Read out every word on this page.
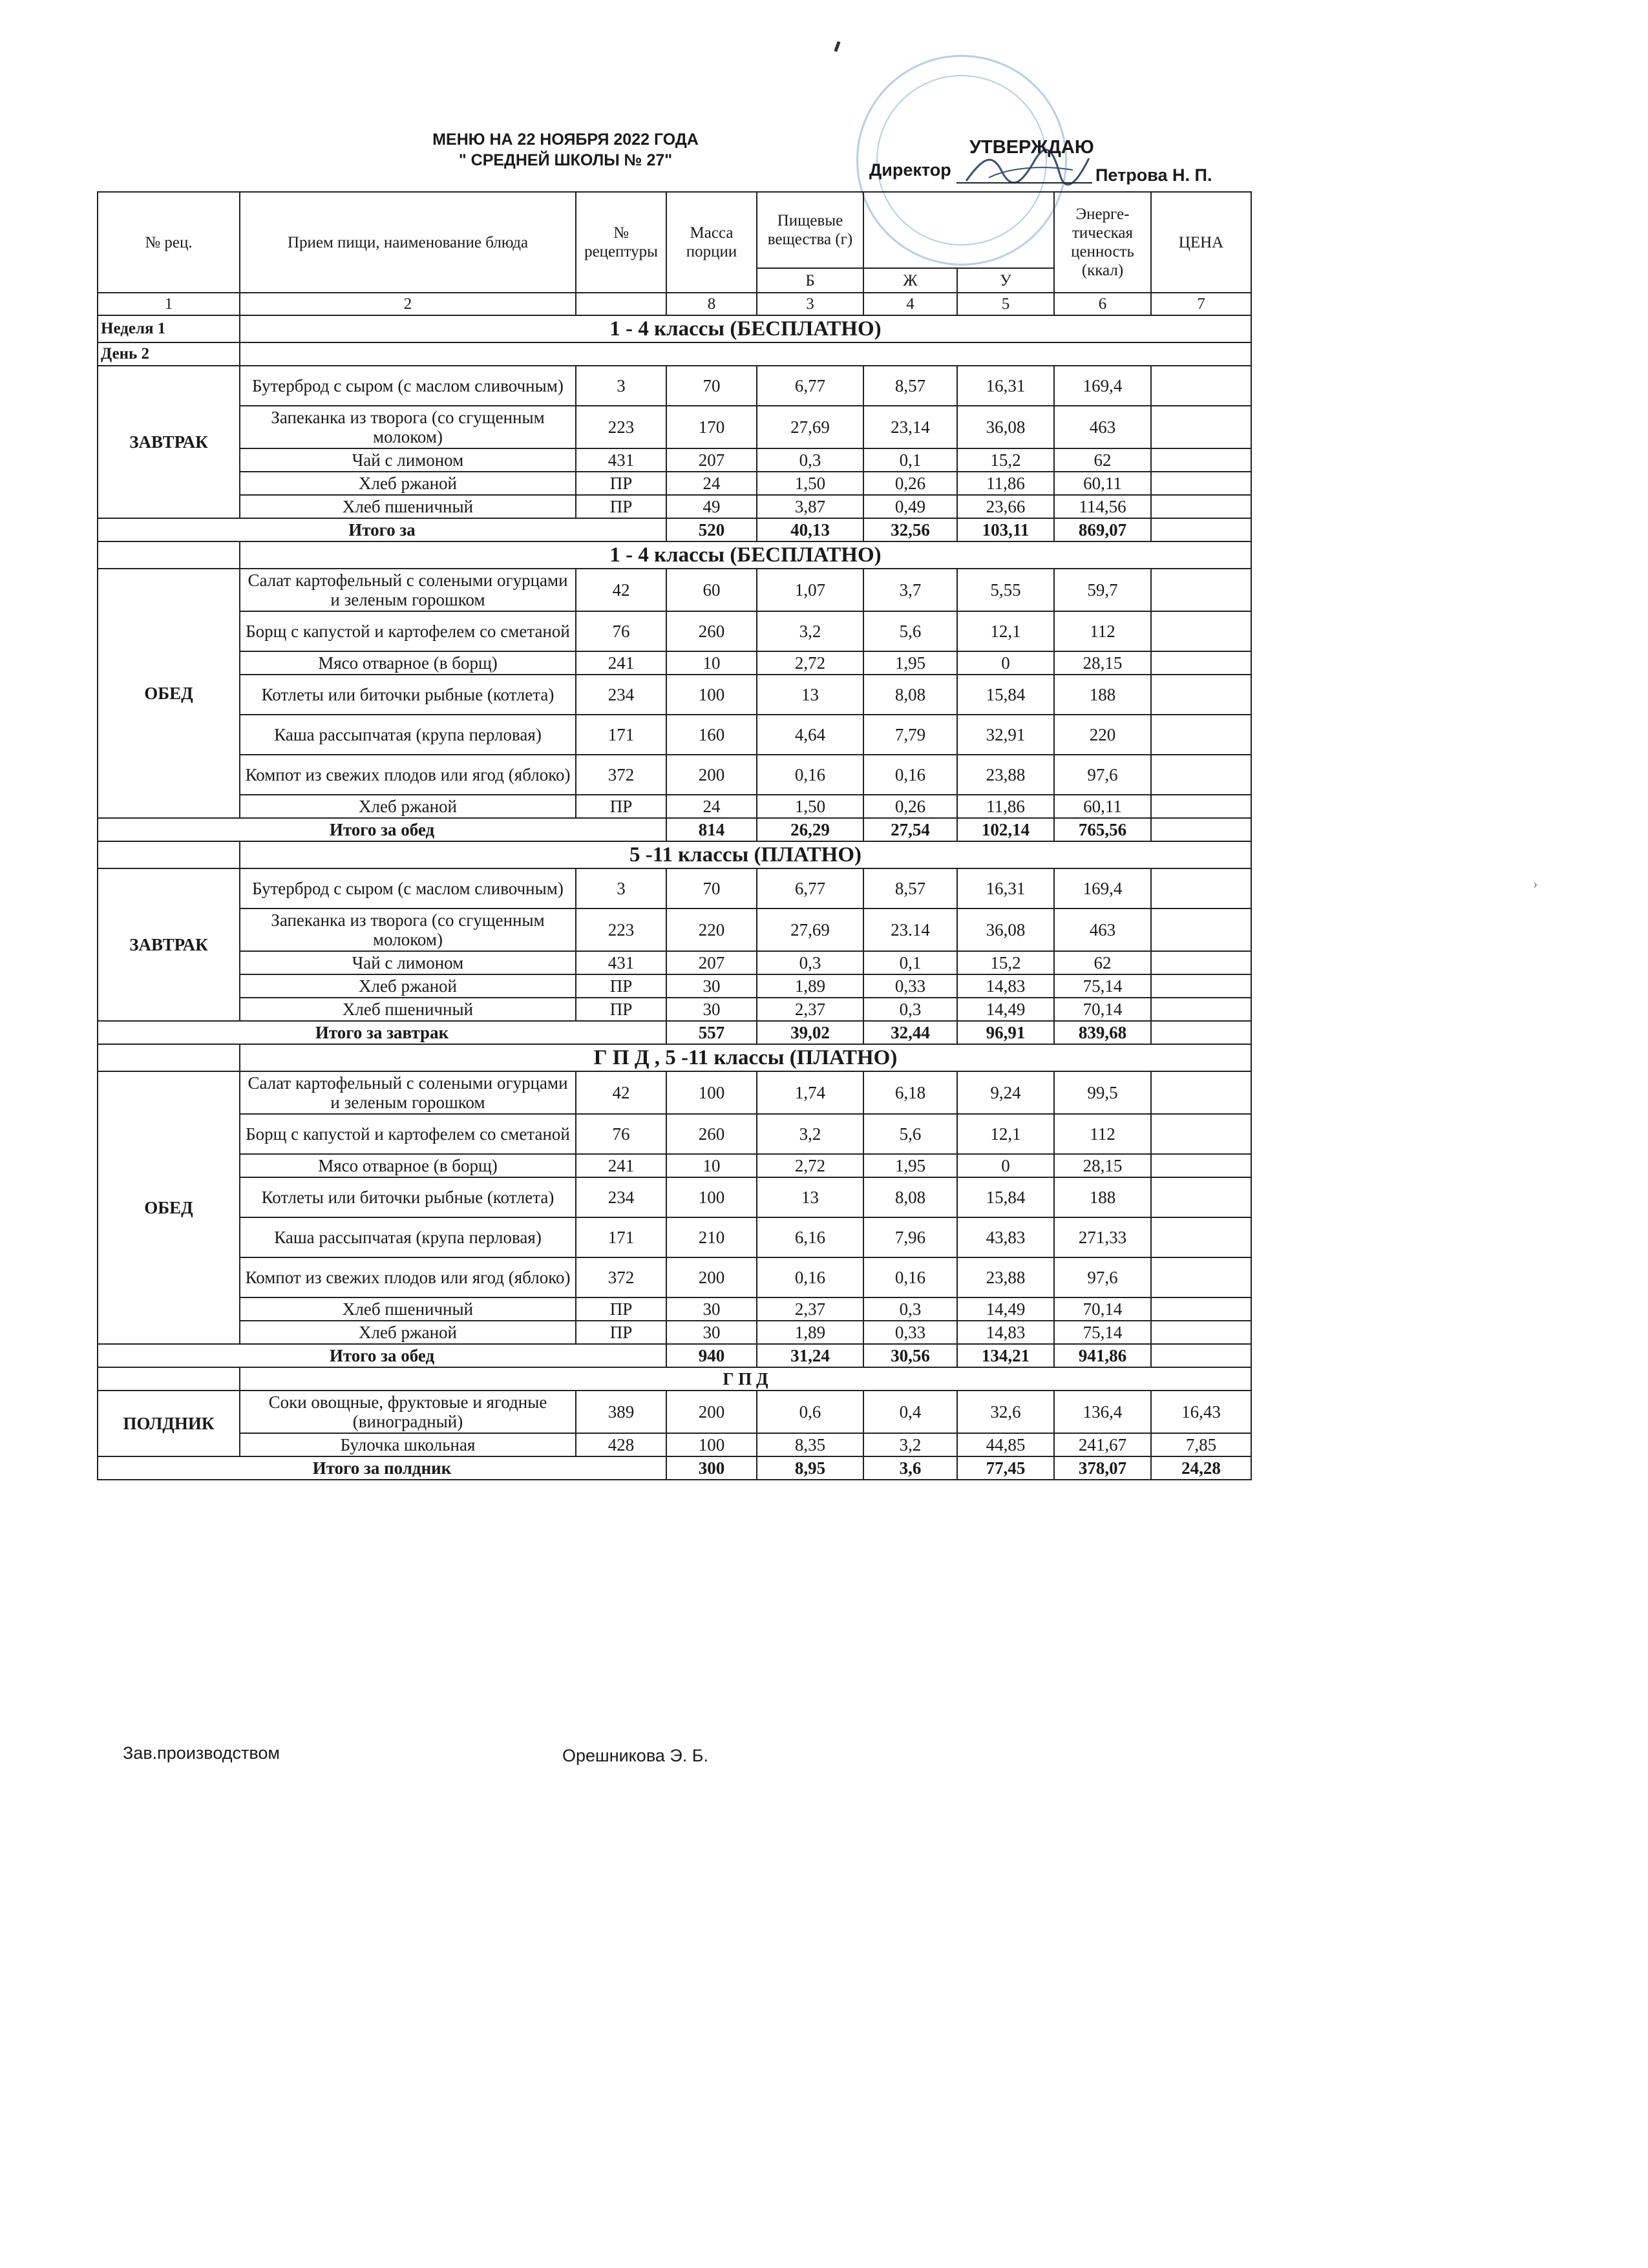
МЕНЮ НА 22 НОЯБРЯ 2022 ГОДА
" СРЕДНЕЙ ШКОЛЫ № 27"
УТВЕРЖДАЮ
Директор	Петрова Н. П.
№ рец.	Прием пищи, наименование блюда	№ рецептуры	Масса порции	Пищевые вещества (г)			Энерге-тическая ценность (ккал)	ЦЕНА
				Б	Ж	У		
1	2		8	3	4	5	6	7
Неделя 1	1 - 4 классы (БЕСПЛАТНО)							
День 2								
ЗАВТРАК	Бутерброд с сыром (с маслом сливочным)	3	70	6,77	8,57	16,31	169,4	
	Запеканка из творога (со сгущенным молоком)	223	170	27,69	23,14	36,08	463	
	Чай с лимоном	431	207	0,3	0,1	15,2	62	
	Хлеб ржаной	ПР	24	1,50	0,26	11,86	60,11	
	Хлеб пшеничный	ПР	49	3,87	0,49	23,66	114,56	
Итого за			520	40,13	32,56	103,11	869,07	
	1 - 4 классы (БЕСПЛАТНО)							
ОБЕД	Салат картофельный с солеными огурцами и зеленым горошком	42	60	1,07	3,7	5,55	59,7	
	Борщ с капустой и картофелем со сметаной	76	260	3,2	5,6	12,1	112	
	Мясо отварное (в борщ)	241	10	2,72	1,95	0	28,15	
	Котлеты или биточки рыбные (котлета)	234	100	13	8,08	15,84	188	
	Каша рассыпчатая (крупа перловая)	171	160	4,64	7,79	32,91	220	
	Компот из свежих плодов или ягод (яблоко)	372	200	0,16	0,16	23,88	97,6	
	Хлеб ржаной	ПР	24	1,50	0,26	11,86	60,11	
Итого за обед			814	26,29	27,54	102,14	765,56	
	5 -11 классы (ПЛАТНО)							
ЗАВТРАК	Бутерброд с сыром (с маслом сливочным)	3	70	6,77	8,57	16,31	169,4	
	Запеканка из творога (со сгущенным молоком)	223	220	27,69	23.14	36,08	463	
	Чай с лимоном	431	207	0,3	0,1	15,2	62	
	Хлеб ржаной	ПР	30	1,89	0,33	14,83	75,14	
	Хлеб пшеничный	ПР	30	2,37	0,3	14,49	70,14	
Итого за завтрак			557	39,02	32,44	96,91	839,68	
	Г П Д , 5 -11 классы (ПЛАТНО)							
ОБЕД	Салат картофельный с солеными огурцами и зеленым горошком	42	100	1,74	6,18	9,24	99,5	
	Борщ с капустой и картофелем со сметаной	76	260	3,2	5,6	12,1	112	
	Мясо отварное (в борщ)	241	10	2,72	1,95	0	28,15	
	Котлеты или биточки рыбные (котлета)	234	100	13	8,08	15,84	188	
	Каша рассыпчатая (крупа перловая)	171	210	6,16	7,96	43,83	271,33	
	Компот из свежих плодов или ягод (яблоко)	372	200	0,16	0,16	23,88	97,6	
	Хлеб пшеничный	ПР	30	2,37	0,3	14,49	70,14	
	Хлеб ржаной	ПР	30	1,89	0,33	14,83	75,14	
Итого за обед			940	31,24	30,56	134,21	941,86	
	Г П Д							
ПОЛДНИК	Соки овощные, фруктовые и ягодные (виноградный)	389	200	0,6	0,4	32,6	136,4	16,43
	Булочка школьная	428	100	8,35	3,2	44,85	241,67	7,85
Итого за полдник			300	8,95	3,6	77,45	378,07	24,28
Зав.производством	Орешникова Э. Б.
›
